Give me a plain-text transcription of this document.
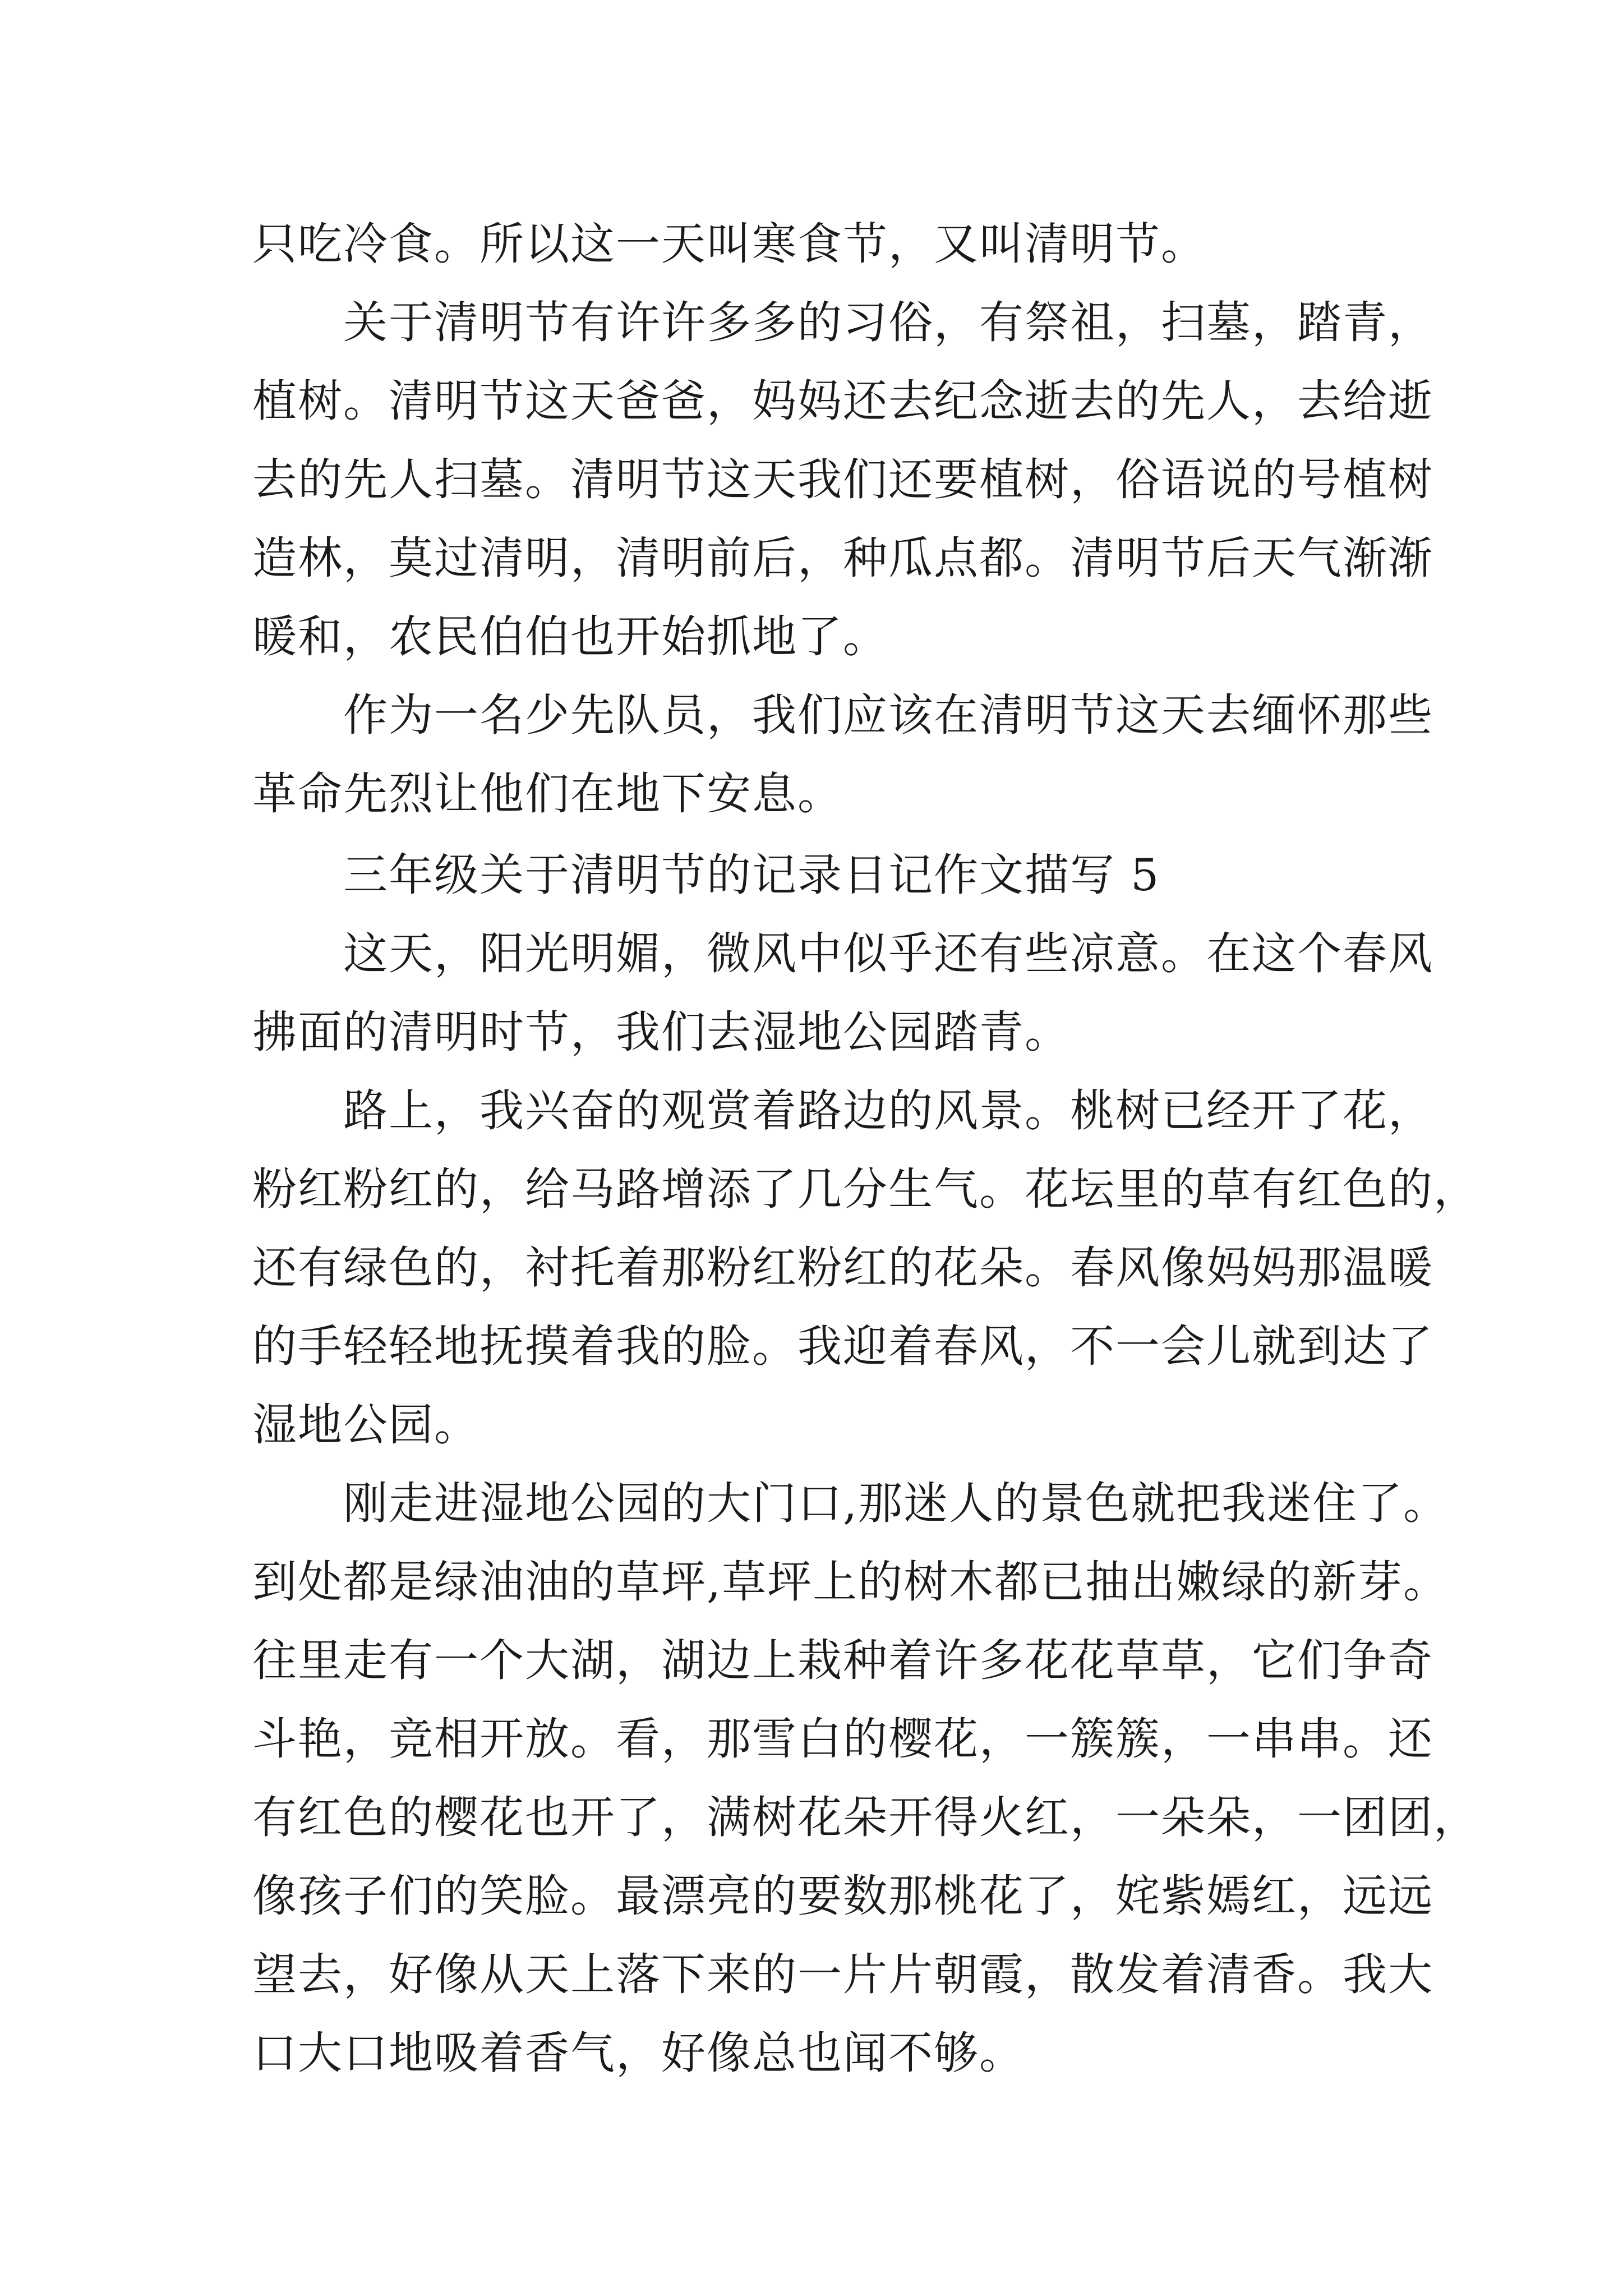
只吃冷食。所以这一天叫寒食节，又叫清明节。
关于清明节有许许多多的习俗，有祭祖，扫墓，踏青，
植树。清明节这天爸爸，妈妈还去纪念逝去的先人，去给逝
去的先人扫墓。清明节这天我们还要植树，俗语说的号植树
造林，莫过清明，清明前后，种瓜点都。清明节后天气渐渐
暖和，农民伯伯也开始抓地了。
作为一名少先队员，我们应该在清明节这天去缅怀那些
革命先烈让他们在地下安息。
三年级关于清明节的记录日记作文描写 5
这天，阳光明媚，微风中似乎还有些凉意。在这个春风
拂面的清明时节，我们去湿地公园踏青。
路上，我兴奋的观赏着路边的风景。桃树已经开了花，
粉红粉红的，给马路增添了几分生气。花坛里的草有红色的，
还有绿色的，衬托着那粉红粉红的花朵。春风像妈妈那温暖
的手轻轻地抚摸着我的脸。我迎着春风，不一会儿就到达了
湿地公园。
刚走进湿地公园的大门口,那迷人的景色就把我迷住了。
到处都是绿油油的草坪,草坪上的树木都已抽出嫩绿的新芽。
往里走有一个大湖，湖边上栽种着许多花花草草，它们争奇
斗艳，竞相开放。看，那雪白的樱花，一簇簇，一串串。还
有红色的樱花也开了，满树花朵开得火红，一朵朵，一团团，
像孩子们的笑脸。最漂亮的要数那桃花了，姹紫嫣红，远远
望去，好像从天上落下来的一片片朝霞，散发着清香。我大
口大口地吸着香气，好像总也闻不够。
